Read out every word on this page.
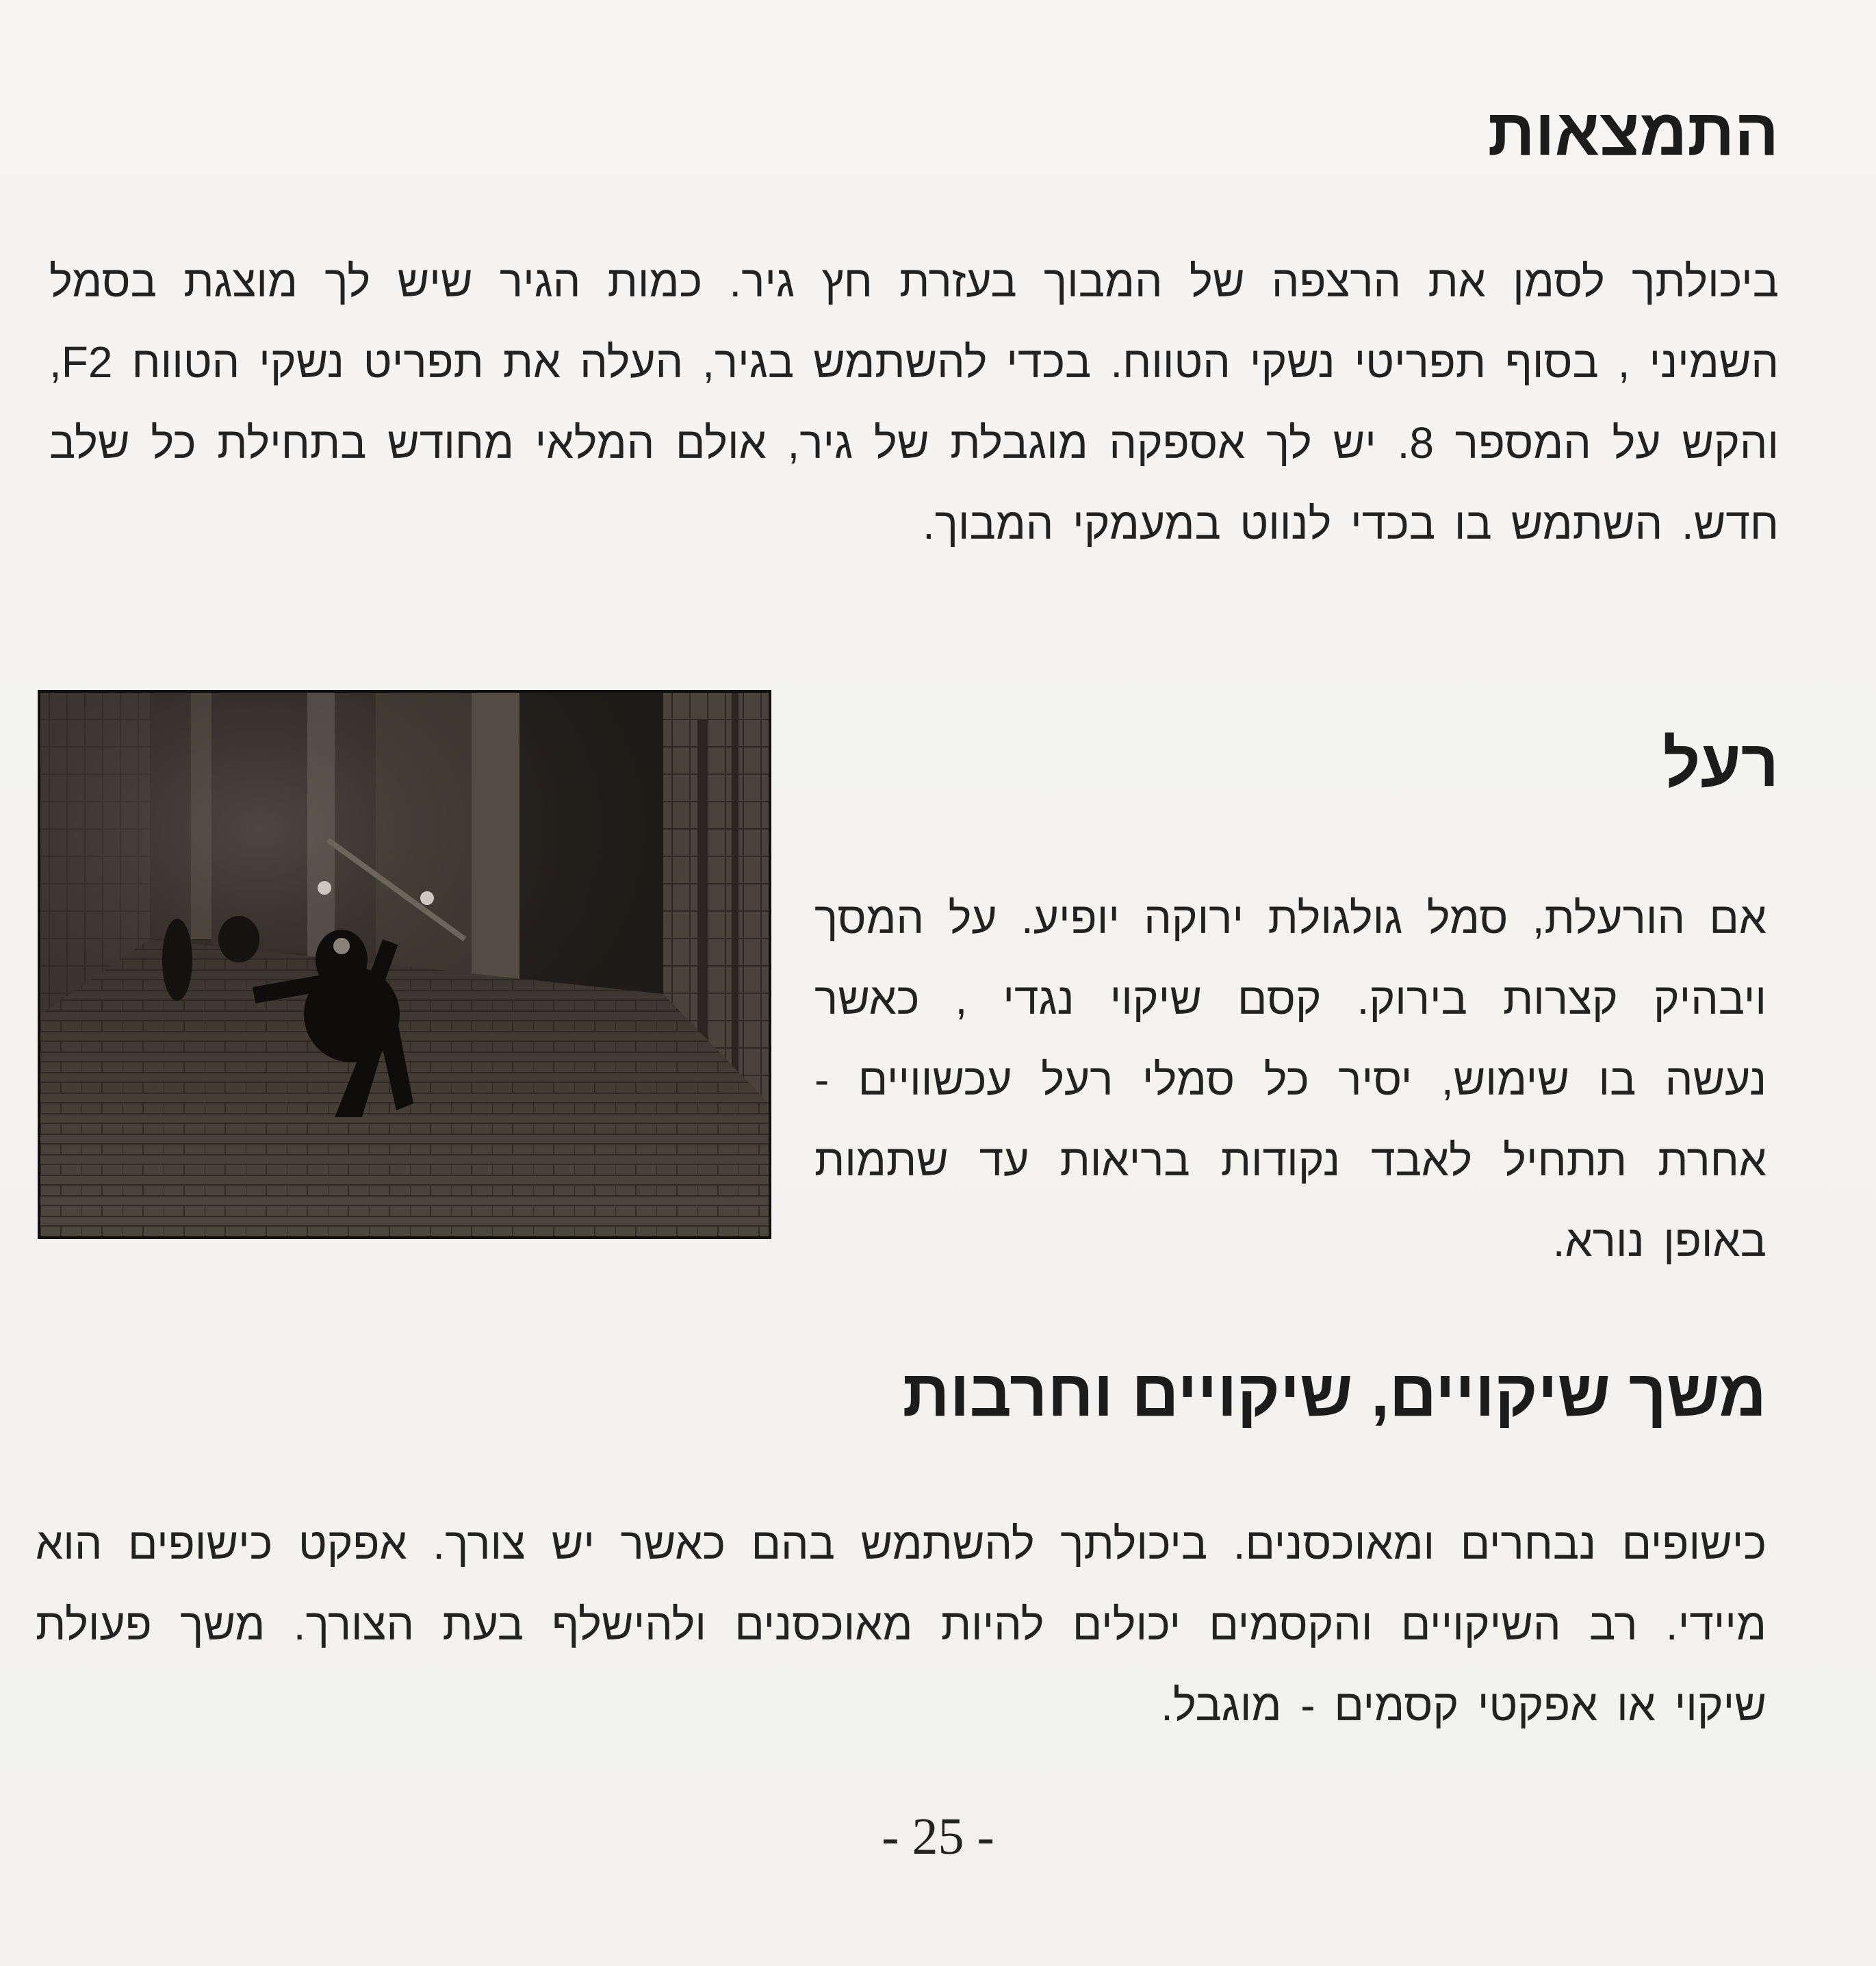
התמצאות

ביכולתך לסמן את הרצפה של המבוך בעזרת חץ גיר. כמות הגיר שיש לך מוצגת בסמל השמיני , בסוף תפריטי נשקי הטווח. בכדי להשתמש בגיר, העלה את תפריט נשקי הטווח F2, והקש על המספר 8. יש לך אספקה מוגבלת של גיר, אולם המלאי מחודש בתחילת כל שלב חדש. השתמש בו בכדי לנווט במעמקי המבוך.

רעל

אם הורעלת, סמל גולגולת ירוקה יופיע. על המסך ויבהיק קצרות בירוק. קסם שיקוי נגדי , כאשר נעשה בו שימוש, יסיר כל סמלי רעל עכשוויים - אחרת תתחיל לאבד נקודות בריאות עד שתמות באופן נורא.

משך שיקויים, שיקויים וחרבות

כישופים נבחרים ומאוכסנים. ביכולתך להשתמש בהם כאשר יש צורך. אפקט כישופים הוא מיידי. רב השיקויים והקסמים יכולים להיות מאוכסנים ולהישלף בעת הצורך. משך פעולת שיקוי או אפקטי קסמים - מוגבל.

- 25 -
